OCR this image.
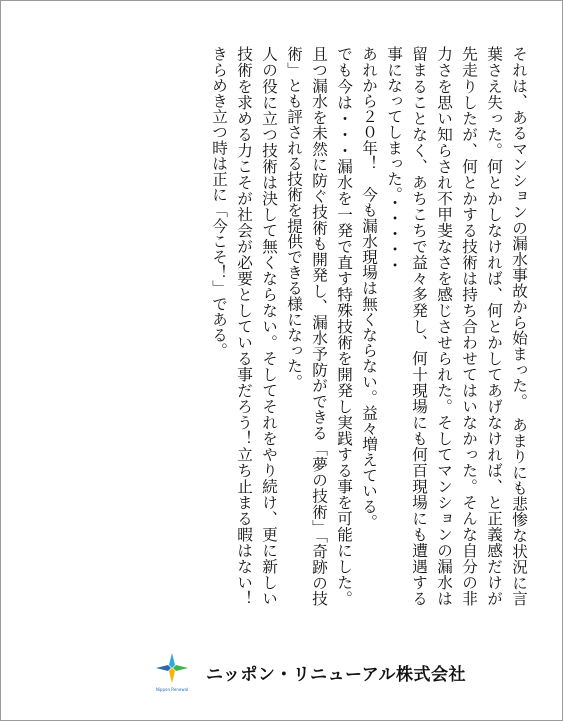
それは、あるマンションの漏水事故から始まった。　あまりにも悲惨な状況に言葉さえ失った。何とかしなければ、何とかしてあげなければ、と正義感だけが先走りしたが、何とかする技術は持ち合わせてはいなかった。そんな自分の非力さを思い知らされ不甲斐なさを感じさせられた。そしてマンションの漏水は留まることなく、あちこちで益々多発し、何十現場にも何百現場にも遭遇する事になってしまった。・・・・・
あれから２０年！　今も漏水現場は無くならない。益々増えている。
でも今は・・・漏水を一発で直す特殊技術を開発し実践する事を可能にした。且つ漏水を未然に防ぐ技術も開発し、漏水予防ができる「夢の技術」「奇跡の技術」とも評される技術を提供できる様になった。
人の役に立つ技術は決して無くならない。そしてそれをやり続け、更に新しい技術を求める力こそが社会が必要としている事だろう！立ち止まる暇はない！　きらめき立つ時は正に「今こそ！」である。
Nippon Renewal
ニッポン・リニューアル株式会社
